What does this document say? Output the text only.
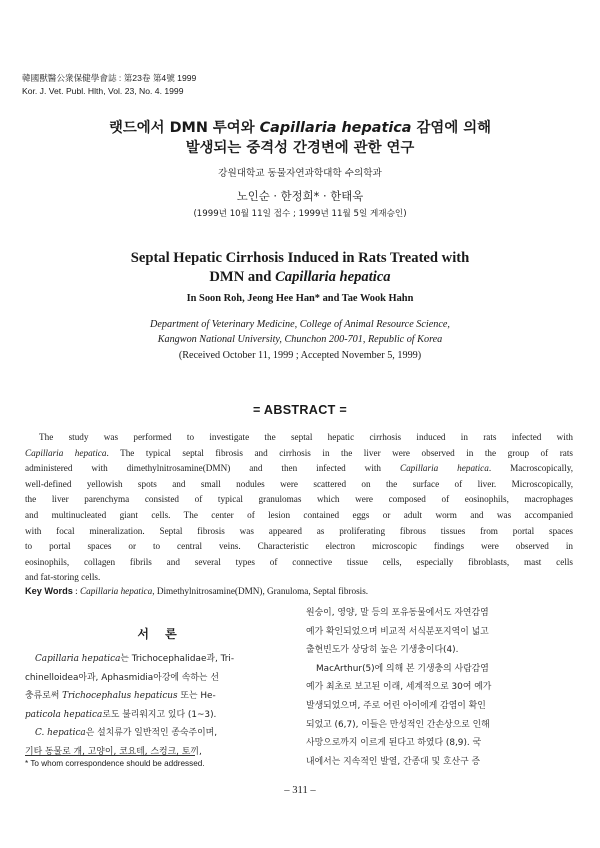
韓國獸醫公衆保健學會誌 : 第23卷 第4號 1999
Kor. J. Vet. Publ. Hlth, Vol. 23, No. 4. 1999
랫드에서 DMN 투여와 Capillaria hepatica 감염에 의해
발생되는 중격성 간경변에 관한 연구
강원대학교 동물자연과학대학 수의학과
노인순 · 한정희* · 한태욱
(1999년 10월 11일 접수 ; 1999년 11월 5일 게재승인)
Septal Hepatic Cirrhosis Induced in Rats Treated with
DMN and Capillaria hepatica
In Soon Roh, Jeong Hee Han* and Tae Wook Hahn
Department of Veterinary Medicine, College of Animal Resource Science,
Kangwon National University, Chunchon 200-701, Republic of Korea
(Received October 11, 1999 ; Accepted November 5, 1999)
= ABSTRACT =
The study was performed to investigate the septal hepatic cirrhosis induced in rats infected with
Capillaria hepatica. The typical septal fibrosis and cirrhosis in the liver were observed in the group of rats
administered with dimethylnitrosamine(DMN) and then infected with Capillaria hepatica. Macroscopically,
well-defined yellowish spots and small nodules were scattered on the surface of liver. Microscopically,
the liver parenchyma consisted of typical granulomas which were composed of eosinophils, macrophages
and multinucleated giant cells. The center of lesion contained eggs or adult worm and was accompanied
with focal mineralization. Septal fibrosis was appeared as proliferating fibrous tissues from portal spaces
to portal spaces or to central veins. Characteristic electron microscopic findings were observed in
eosinophils, collagen fibrils and several types of connective tissue cells, especially fibroblasts, mast cells
and fat-storing cells.
Key Words : Capillaria hepatica, Dimethylnitrosamine(DMN), Granuloma, Septal fibrosis.
서 론
Capillaria hepatica는 Trichocephalidae과, Tri-
chinelloidea아과, Aphasmidia아강에 속하는 선
충류로써 Trichocephalus hepaticus 또는 He-
paticola hepatica로도 불리워지고 있다 (1~3).
C. hepatica은 설치류가 일반적인 종숙주이며,
기타 동물로 개, 고양이, 코요테, 스컹크, 토끼,
원숭이, 영양, 말 등의 포유동물에서도 자연감염
예가 확인되었으며 비교적 서식분포지역이 넓고
출현빈도가 상당히 높은 기생충이다(4).
MacArthur(5)에 의해 본 기생충의 사람감염
예가 최초로 보고된 이래, 세계적으로 30여 예가
발생되었으며, 주로 어린 아이에게 감염이 확인
되었고 (6,7), 이들은 만성적인 간손상으로 인해
사망으로까지 이르게 된다고 하였다 (8,9). 국
내에서는 지속적인 발열, 간종대 및 호산구 증
* To whom correspondence should be addressed.
– 311 –
